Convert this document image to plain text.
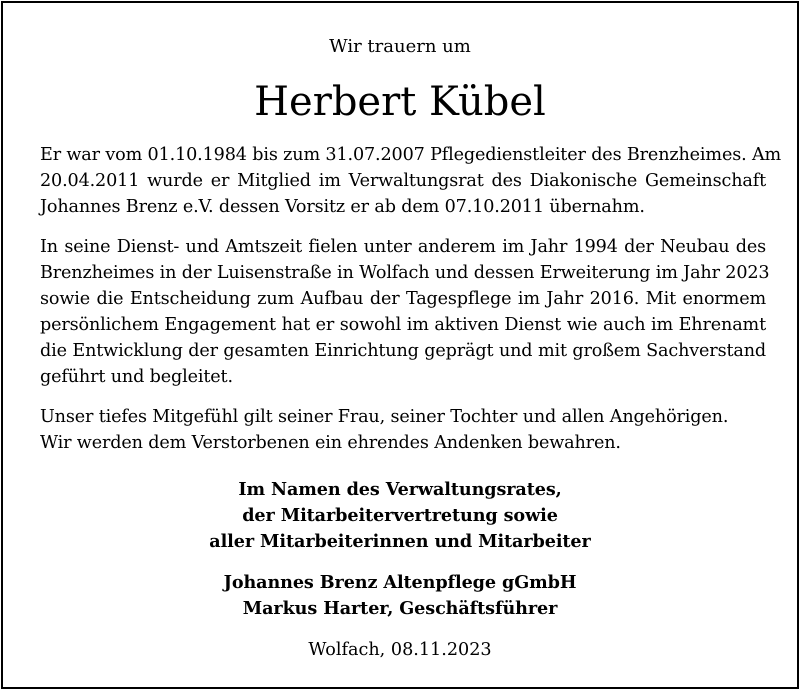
Wir trauern um
Herbert Kübel

Er war vom 01.10.1984 bis zum 31.07.2007 Pflegedienstleiter des Brenzheimes. Am
20.04.2011 wurde er Mitglied im Verwaltungsrat des Diakonische Gemeinschaft
Johannes Brenz e.V. dessen Vorsitz er ab dem 07.10.2011 übernahm.

In seine Dienst- und Amtszeit fielen unter anderem im Jahr 1994 der Neubau des
Brenzheimes in der Luisenstraße in Wolfach und dessen Erweiterung im Jahr 2023
sowie die Entscheidung zum Aufbau der Tagespflege im Jahr 2016. Mit enormem
persönlichem Engagement hat er sowohl im aktiven Dienst wie auch im Ehrenamt
die Entwicklung der gesamten Einrichtung geprägt und mit großem Sachverstand
geführt und begleitet.

Unser tiefes Mitgefühl gilt seiner Frau, seiner Tochter und allen Angehörigen.
Wir werden dem Verstorbenen ein ehrendes Andenken bewahren.

Im Namen des Verwaltungsrates,
der Mitarbeitervertretung sowie
aller Mitarbeiterinnen und Mitarbeiter
Johannes Brenz Altenpflege gGmbH
Markus Harter, Geschäftsführer
Wolfach, 08.11.2023
